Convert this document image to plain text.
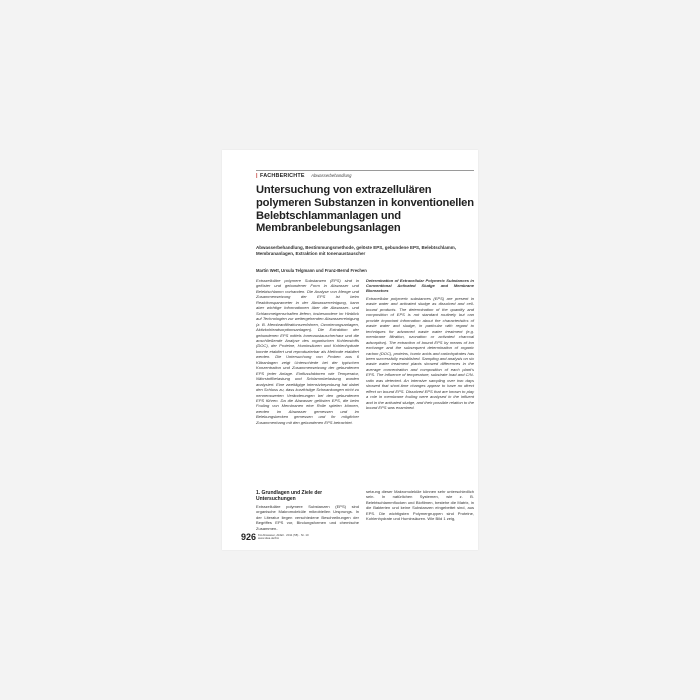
| FACHBERICHTE Abwasserbehandlung
Untersuchung von extrazellulären polymeren Substanzen in konventionellen Belebtschlammanlagen und Membranbelebungsanlagen
Abwasserbehandlung, Bestimmungsmethode, gelöste EPS, gebundene EPS, Belebtschlamm, Membrananlagen, Extraktion mit Ionenaustauscher
Martin Wett, Ursula Telgmann und Franz-Bernd Frechen
Extrazelluläre polymere Substanzen (EPS) sind in gelöster und gebundener Form in Abwasser und Belebtschlamm vorhanden. Die Analyse von Menge und Zusammensetzung der EPS ist beim Reaktionsparameter in der Abwasserreinigung, kann aber wichtige Informationen über die Abwasser- und Schlammeigenschaften liefern, insbesondere im Hinblick auf Technologien zur weitergehenden Abwasserreinigung (z. B. Membranfiltrationsverfahren, Ozonierungsanlagen, Aktivkohleadsorptionsanlagen). Die Extraktion der gebundenen EPS mittels Ionenaustauscherharz und die anschließende Analyse des organischen Kohlenstoffs (DOC), der Proteine, Huminsäuren und Kohlenhydrate konnte etabliert und reproduzierbar als Methode etabliert werden. Die Untersuchung von Proben aus 6 Kläranlagen zeigt Unterschiede bei der typischen Konzentration und Zusammensetzung der gebundenen EPS jeder Anlage. Einflussfaktoren wie Temperatur, Nährstoffbelastung und Schlammbelastung wurden analysiert. Eine zweitägige Intensivbeprobung hat dabei den Schluss zu, dass kurzfristige Schwankungen nicht zu nennenswerten Veränderungen bei den gebundenen EPS führen. Da die Abwasser gelösten EPS, die beim Fouling von Membranen eine Rolle spielen können, werden im Abwasser gemessen und im Belebungsbecken gemessen und ihr möglicher Zusammenhang mit den gebundenen EPS betrachtet.
Determination of Extracellular Polymeric Substances in Conventional Activated Sludge and Membrane Bioreactors
Extracellular polymeric substances (EPS) are present in waste water and activated sludge as dissolved and cell-bound products. The determination of the quantity and composition of EPS is not standard routinely but can provide important information about the characteristics of waste water and sludge, in particular with regard to techniques for advanced waste water treatment (e.g. membrane filtration, ozonation or activated charcoal adsorption). The extraction of bound EPS by means of ion exchange and the subsequent determination of organic carbon (DOC), proteins, humic acids and carbohydrates has been successfully established. Sampling and analysis on six waste water treatment plants showed differences in the average concentration and composition of each plant's EPS. The influence of temperature, substrate load and C/N-ratio was detected. An intensive sampling over two days showed that short-time changes appear to have no direct effect on bound EPS. Dissolved EPS that are known to play a role in membrane fouling were analysed in the influent and in the activated sludge, and their possible relation to the bound EPS was examined.
1. Grundlagen und Ziele der Untersuchungen
Extrazelluläre polymere Substanzen (EPS) sind organische Makromoleküle mikrobiellen Ursprungs. In der Literatur liegen verschiedene Beschreibungen der Begriffes EPS vor, Bindungsformen und chemische Zusammen-
setzung dieser Makromoleküle können sehr unterschiedlich sein. In natürlichen Systemen, wie z. B. Belebtschlammflocken und Biofilmen, bestehe die Matrix, in die Bakterien und keine Substanzen eingebettet sind, aus EPS. Die wichtigsten Polymergruppen sind Proteine, Kohlenhydrate und Huminsäuren. Wie Bild 1 zeig,
926 KA Abwasser, Abfall · 2011 (58) · Nr. 10
www.dwa.de/KA
